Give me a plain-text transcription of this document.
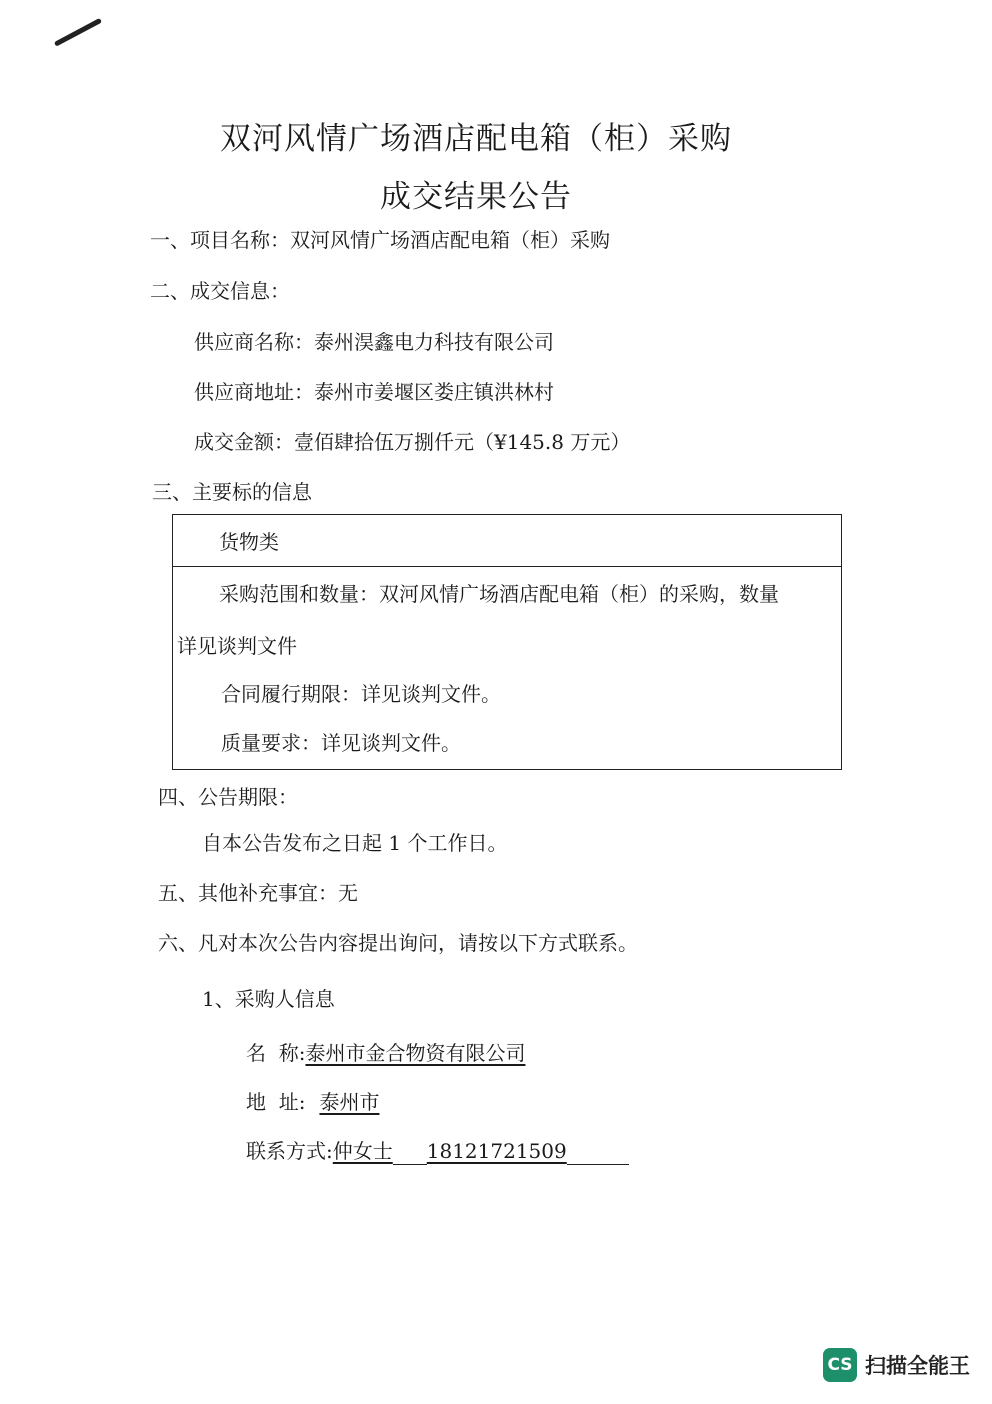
双河风情广场酒店配电箱（柜）采购
成交结果公告
一、项目名称：双河风情广场酒店配电箱（柜）采购
二、成交信息：
供应商名称：泰州淏鑫电力科技有限公司
供应商地址：泰州市姜堰区娄庄镇洪林村
成交金额：壹佰肆拾伍万捌仟元（¥145.8 万元）
三、主要标的信息
货物类
采购范围和数量：双河风情广场酒店配电箱（柜）的采购，数量
详见谈判文件
合同履行期限：详见谈判文件。
质量要求：详见谈判文件。
四、公告期限：
自本公告发布之日起 1 个工作日。
五、其他补充事宜：无
六、凡对本次公告内容提出询问，请按以下方式联系。
1、采购人信息
名  称:泰州市金合物资有限公司
地  址: 泰州市
联系方式:仲女士 18121721509
CS 扫描全能王
